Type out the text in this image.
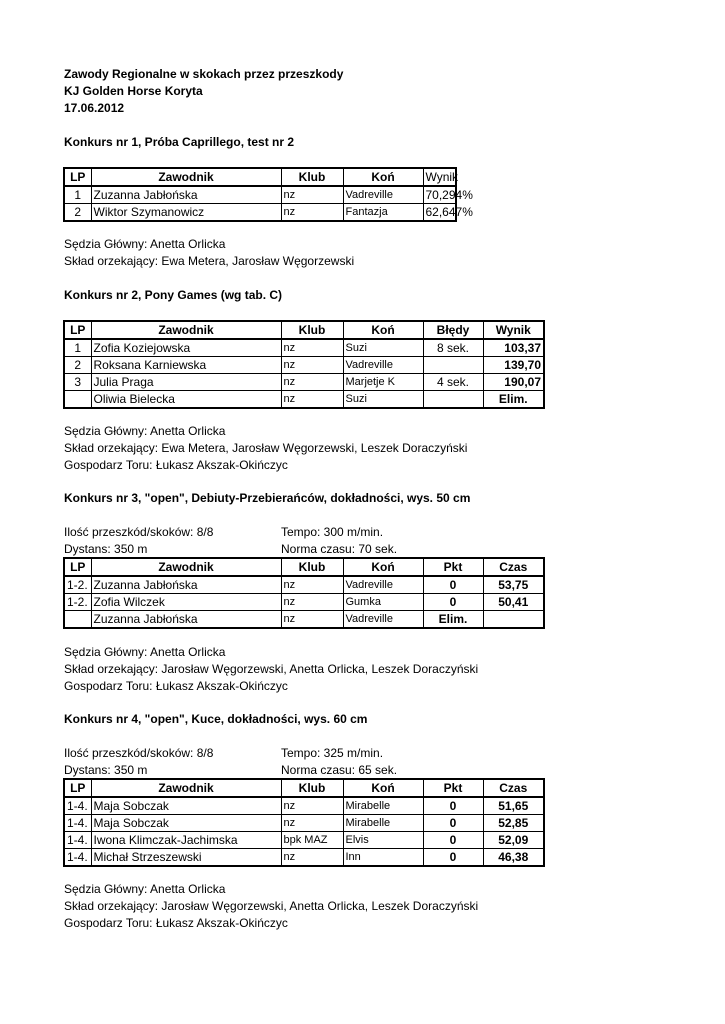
Zawody Regionalne w skokach przez przeszkody
KJ Golden Horse Koryta
17.06.2012
Konkurs nr 1, Próba Caprillego, test nr 2
LP	Zawodnik	Klub	Koń	Wynik
1	Zuzanna Jabłońska	nz	Vadreville	70,294%
2	Wiktor Szymanowicz	nz	Fantazja	62,647%
Sędzia Główny: Anetta Orlicka
Skład orzekający: Ewa Metera, Jarosław Węgorzewski
Konkurs nr 2, Pony Games (wg tab. C)
LP	Zawodnik	Klub	Koń	Błędy	Wynik
1	Zofia Koziejowska	nz	Suzi	8 sek.	103,37
2	Roksana Karniewska	nz	Vadreville		139,70
3	Julia Praga	nz	Marjetje K	4 sek.	190,07
	Oliwia Bielecka	nz	Suzi		Elim.
Sędzia Główny: Anetta Orlicka
Skład orzekający: Ewa Metera, Jarosław Węgorzewski, Leszek Doraczyński
Gospodarz Toru: Łukasz Akszak-Okińczyc
Konkurs nr 3, "open", Debiuty-Przebierańców, dokładności, wys. 50 cm
Ilość przeszkód/skoków: 8/8	Tempo: 300 m/min.
Dystans: 350 m	Norma czasu: 70 sek.
LP	Zawodnik	Klub	Koń	Pkt	Czas
1-2.	Zuzanna Jabłońska	nz	Vadreville	0	53,75
1-2.	Zofia Wilczek	nz	Gumka	0	50,41
	Zuzanna Jabłońska	nz	Vadreville	Elim.	
Sędzia Główny: Anetta Orlicka
Skład orzekający: Jarosław Węgorzewski, Anetta Orlicka, Leszek Doraczyński
Gospodarz Toru: Łukasz Akszak-Okińczyc
Konkurs nr 4, "open", Kuce, dokładności, wys. 60 cm
Ilość przeszkód/skoków: 8/8	Tempo: 325 m/min.
Dystans: 350 m	Norma czasu: 65 sek.
LP	Zawodnik	Klub	Koń	Pkt	Czas
1-4.	Maja Sobczak	nz	Mirabelle	0	51,65
1-4.	Maja Sobczak	nz	Mirabelle	0	52,85
1-4.	Iwona Klimczak-Jachimska	bpk MAZ	Elvis	0	52,09
1-4.	Michał Strzeszewski	nz	Inn	0	46,38
Sędzia Główny: Anetta Orlicka
Skład orzekający: Jarosław Węgorzewski, Anetta Orlicka, Leszek Doraczyński
Gospodarz Toru: Łukasz Akszak-Okińczyc
